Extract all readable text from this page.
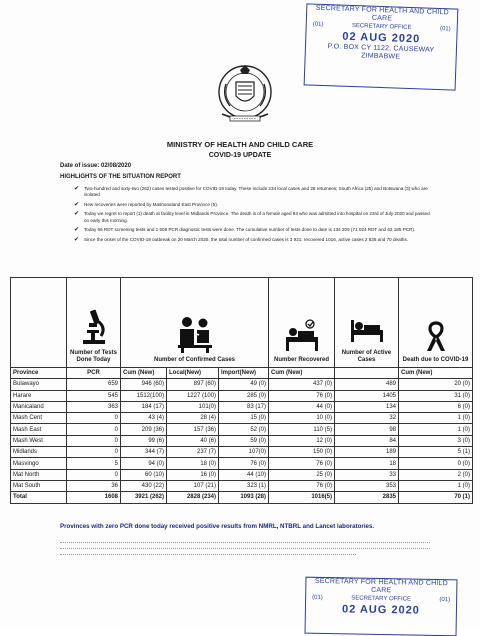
SECRETARY FOR HEALTH AND CHILD
CARE
(01)	SECRETARY OFFICE	(01)
02 AUG 2020
P.O. BOX CY 1122, CAUSEWAY
ZIMBABWE
MINISTRY OF HEALTH AND CHILD CARE
COVID-19 UPDATE
Date of issue: 02/08/2020
HIGHLIGHTS OF THE SITUATION REPORT
✔ Two-hundred and sixty-two (262) cases tested positive for COVID-19 today. These include 234 local cases and 28 returnees; South Africa (25) and Botswana (3) who are isolated.
✔ New recoveries were reported by Mashonaland East Province (5).
✔ Today we regret to report (1) death at facility level in Midlands Province. The death is of a female aged 93 who was admitted into hospital on 23rd of July 2020 and passed on early this morning.
✔ Today 66 RDT screening tests and 1 608 PCR diagnostic tests were done. The cumulative number of tests done to date is 134 209 (71 024 RDT and 63 185 PCR).
✔ Since the onset of the COVID-19 outbreak on 20 March 2020, the total number of confirmed cases is 3 921; recovered 1016, active cases 2 835 and 70 deaths.

Number of Tests Done Today	Number of Confirmed Cases			Number Recovered	Number of Active Cases	Death due to COVID-19
Province	PCR	Cum (New)	Local(New)	Import(New)	Cum (New)		Cum (New)
Bulawayo	659	946 (60)	897 (60)	49 (0)	437 (0)	489	20 (0)
Harare	545	1512(100)	1227 (100)	285 (0)	76 (0)	1405	31 (0)
Manicaland	363	184 (17)	101(0)	83 (17)	44 (0)	134	6 (0)
Mash Cent	0	43 (4)	28 (4)	15 (0)	10 (0)	32	1 (0)
Mash East	0	209 (36)	157 (36)	52 (0)	110 (5)	98	1 (0)
Mash West	0	99 (6)	40 (6)	59 (0)	12 (0)	84	3 (0)
Midlands	0	344 (7)	237 (7)	107(0)	150 (0)	189	5 (1)
Masvingo	5	94 (0)	18 (0)	76 (0)	76 (0)	18	0 (0)
Mat North	0	60 (10)	16 (0)	44 (10)	25 (0)	33	2 (0)
Mat South	36	430 (22)	107 (21)	323 (1)	76 (0)	353	1 (0)
Total	1608	3921 (262)	2828 (234)	1093 (28)	1016(5)	2835	70 (1)
Provinces with zero PCR done today received positive results from NMRL, NTBRL and Lancet laboratories.
SECRETARY FOR HEALTH AND CHILD
CARE
(01)	SECRETARY OFFICE	(01)
02 AUG 2020
